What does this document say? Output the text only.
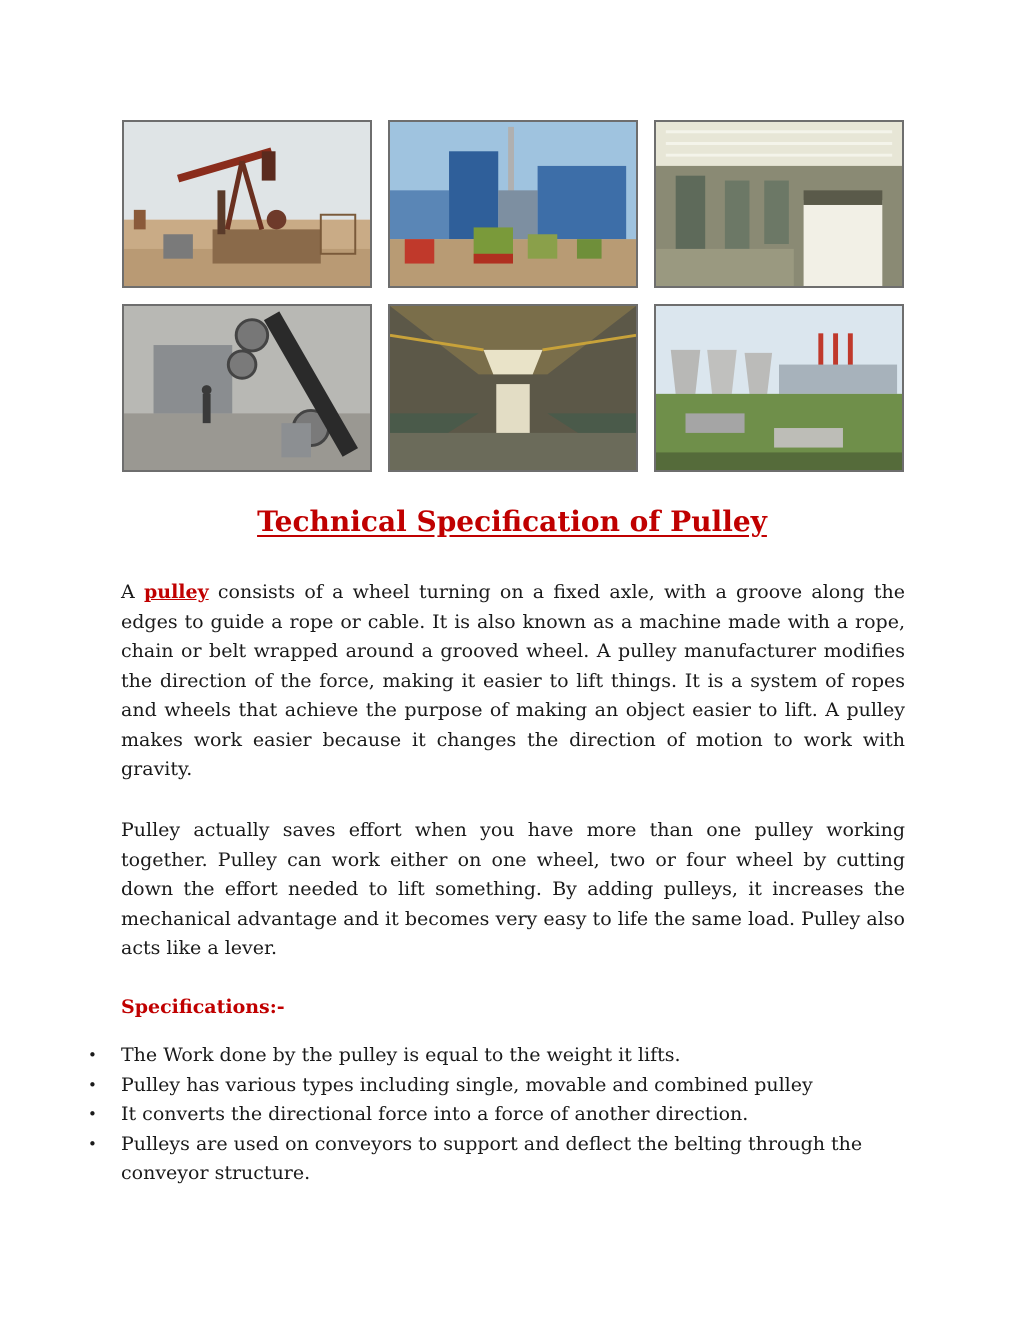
Technical Specification of Pulley

A pulley consists of a wheel turning on a fixed axle, with a groove along the edges to guide a rope or cable. It is also known as a machine made with a rope, chain or belt wrapped around a grooved wheel. A pulley manufacturer modifies the direction of the force, making it easier to lift things. It is a system of ropes and wheels that achieve the purpose of making an object easier to lift. A pulley makes work easier because it changes the direction of motion to work with gravity.

Pulley actually saves effort when you have more than one pulley working together. Pulley can work either on one wheel, two or four wheel by cutting down the effort needed to lift something. By adding pulleys, it increases the mechanical advantage and it becomes very easy to life the same load. Pulley also acts like a lever.

Specifications:-
• The Work done by the pulley is equal to the weight it lifts.
• Pulley has various types including single, movable and combined pulley
• It converts the directional force into a force of another direction.
• Pulleys are used on conveyors to support and deflect the belting through the conveyor structure.
